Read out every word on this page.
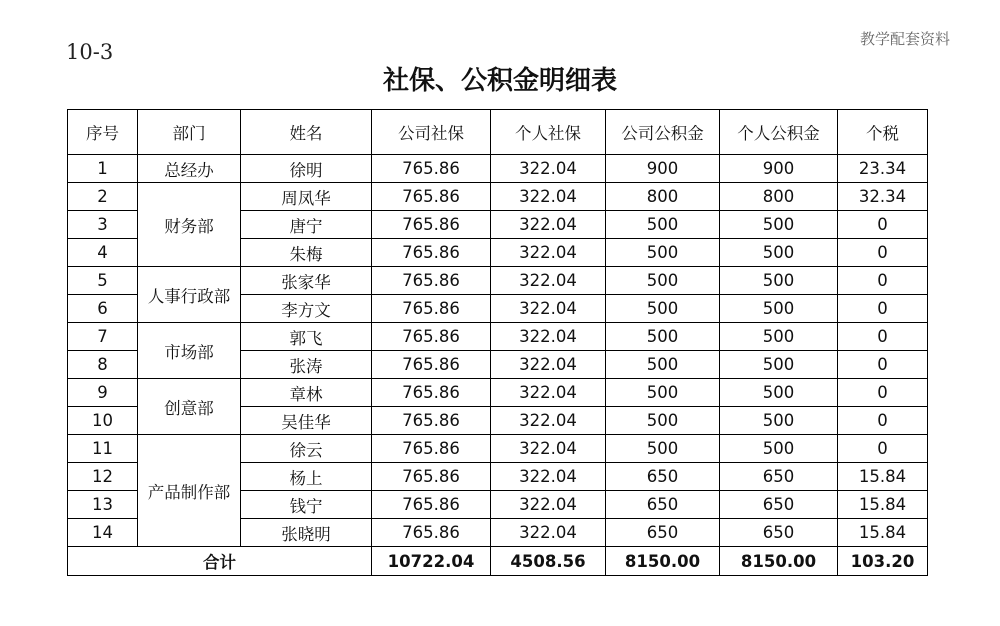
10-3
教学配套资料
社保、公积金明细表
序号	部门	姓名	公司社保	个人社保	公司公积金	个人公积金	个税
1	总经办	徐明	765.86	322.04	900	900	23.34
2	财务部	周凤华	765.86	322.04	800	800	32.34
3		唐宁	765.86	322.04	500	500	0
4		朱梅	765.86	322.04	500	500	0
5	人事行政部	张家华	765.86	322.04	500	500	0
6		李方文	765.86	322.04	500	500	0
7	市场部	郭飞	765.86	322.04	500	500	0
8		张涛	765.86	322.04	500	500	0
9	创意部	章林	765.86	322.04	500	500	0
10		吴佳华	765.86	322.04	500	500	0
11	产品制作部	徐云	765.86	322.04	500	500	0
12		杨上	765.86	322.04	650	650	15.84
13		钱宁	765.86	322.04	650	650	15.84
14		张晓明	765.86	322.04	650	650	15.84
合计			10722.04	4508.56	8150.00	8150.00	103.20
